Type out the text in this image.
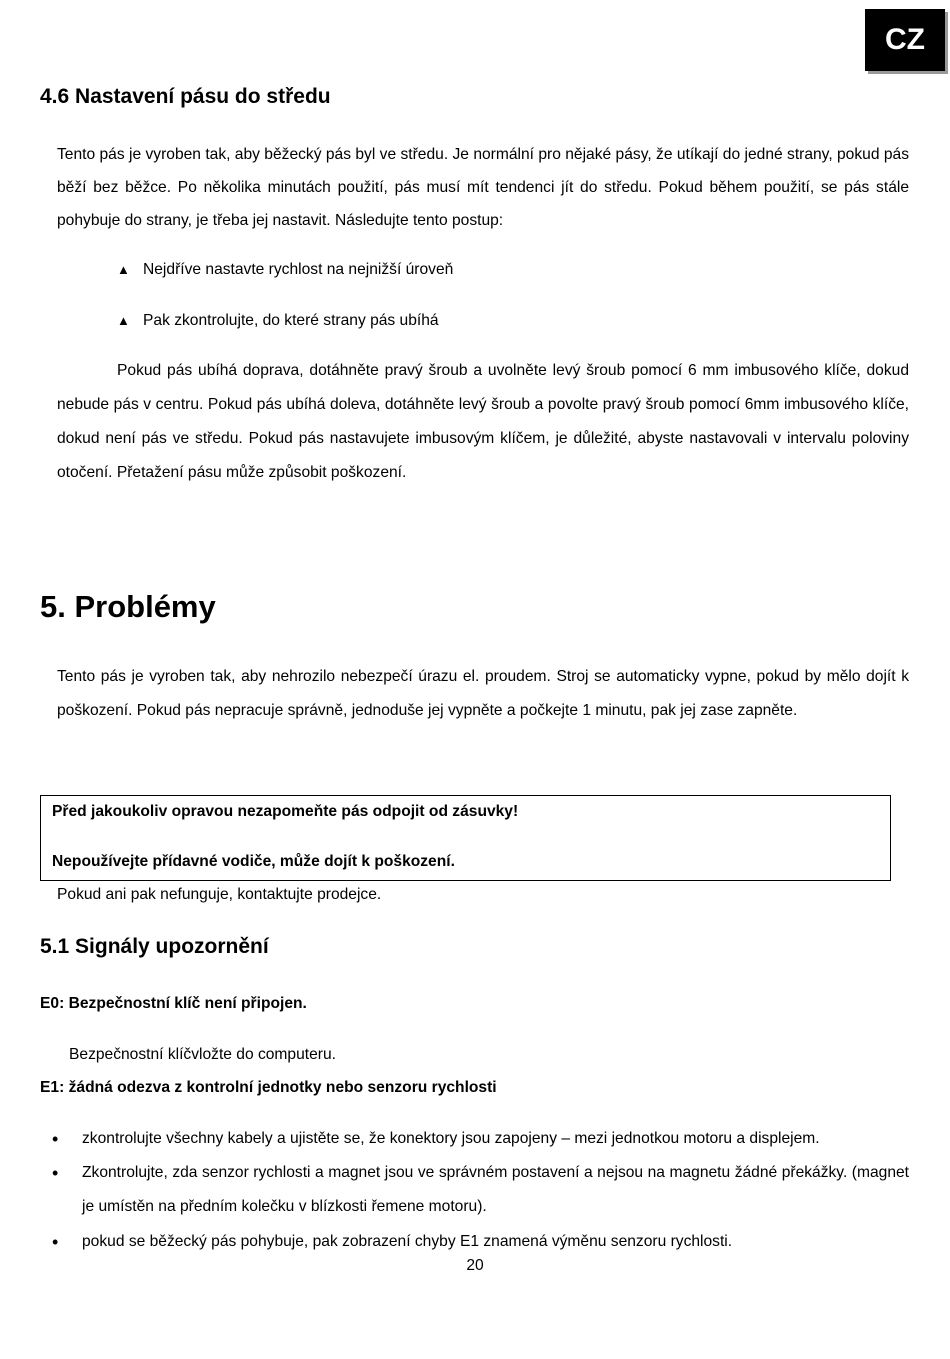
CZ
4.6 Nastavení pásu do středu
Tento pás je vyroben tak, aby běžecký pás byl ve středu. Je normální pro nějaké pásy, že utíkají do jedné strany, pokud pás běží bez běžce. Po několika minutách použití, pás musí mít tendenci jít do středu. Pokud během použití, se pás stále pohybuje do strany, je třeba jej nastavit. Následujte tento postup:
▲ Nejdříve nastavte rychlost na nejnižší úroveň
▲ Pak zkontrolujte, do které strany pás ubíhá
Pokud pás ubíhá doprava, dotáhněte pravý šroub a uvolněte levý šroub pomocí 6 mm imbusového klíče, dokud nebude pás v centru. Pokud pás ubíhá doleva, dotáhněte levý šroub a povolte pravý šroub pomocí 6mm imbusového klíče, dokud není pás ve středu. Pokud pás nastavujete imbusovým klíčem, je důležité, abyste nastavovali v intervalu poloviny otočení. Přetažení pásu může způsobit poškození.
5. Problémy
Tento pás je vyroben tak, aby nehrozilo nebezpečí úrazu el. proudem. Stroj se automaticky vypne, pokud by mělo dojít k poškození. Pokud pás nepracuje správně, jednoduše jej vypněte a počkejte 1 minutu, pak jej zase zapněte.
Před jakoukoliv opravou nezapomeňte pás odpojit od zásuvky!
Nepoužívejte přídavné vodiče, může dojít k poškození.
Pokud ani pak nefunguje, kontaktujte prodejce.
5.1 Signály upozornění
E0: Bezpečnostní klíč není připojen.
Bezpečnostní klíčvložte do computeru.
E1: žádná odezva z kontrolní jednotky nebo senzoru rychlosti
• zkontrolujte všechny kabely a ujistěte se, že konektory jsou zapojeny – mezi jednotkou motoru a displejem.
• Zkontrolujte, zda senzor rychlosti a magnet jsou ve správném postavení a nejsou na magnetu žádné překážky. (magnet je umístěn na předním kolečku v blízkosti řemene motoru).
• pokud se běžecký pás pohybuje, pak zobrazení chyby E1 znamená výměnu senzoru rychlosti.
20
